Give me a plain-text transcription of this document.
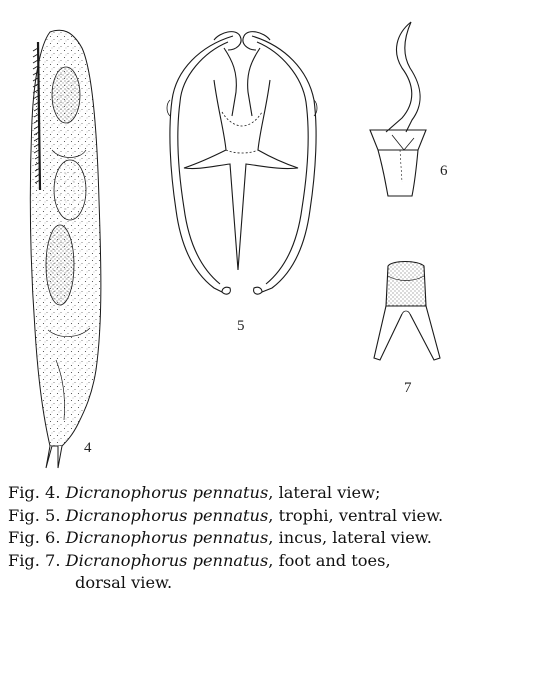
4
5
6
7
Fig. 4. Dicranophorus pennatus, lateral view;
Fig. 5. Dicranophorus pennatus, trophi, ventral view.
Fig. 6. Dicranophorus pennatus, incus, lateral view.
Fig. 7. Dicranophorus pennatus, foot and toes,
dorsal view.
